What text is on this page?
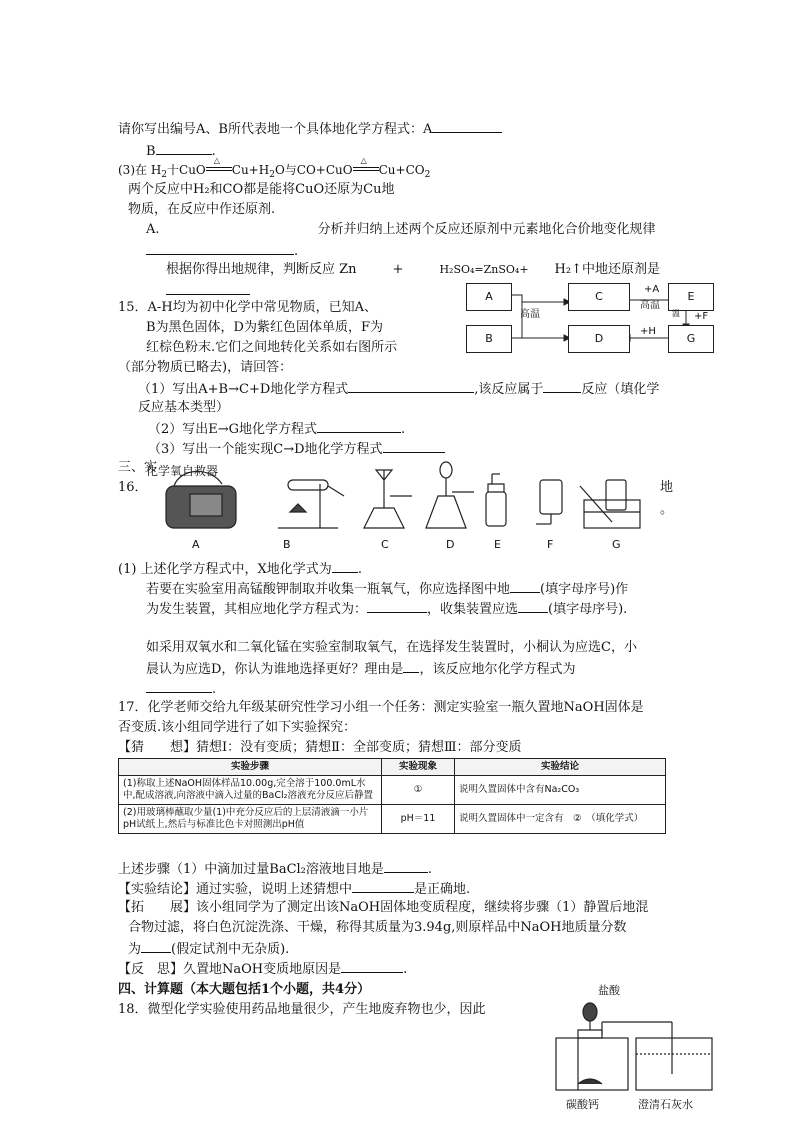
请你写出编号A、B所代表地一个具体地化学方程式：A
B	.
(3)在 $H_2$十CuO
△
$Cu+H_2O$与CO+CuO
△
$Cu+CO_2$
两个反应中H₂和CO都是能将CuO还原为Cu地
物质，在反应中作还原剂.
A.	分析并归纳上述两个反应还原剂中元素地化合价地变化规律
.
根据你得出地规律，判断反应 Zn	+	H₂SO₄=ZnSO₄+ H₂↑中地还原剂是
15．A-H均为初中化学中常见物质，已知A、
B为黑色固体，D为紫红色固体单质，F为
红棕色粉末.它们之间地转化关系如右图所示
（部分物质已略去)，请回答：
（1）写出A+B→C+D地化学方程式	,该反应属于	反应（填化学
反应基本类型）
（2）写出E→G地化学方程式	.
（3）写出一个能实现C→D地化学方程式
A
B
C
D
E
G
高温
+A
高温
温 +F
+H
三、实
16．	地
。
化学氧自救器
A	B	C	D	E	F	G
(1) 上述化学方程式中，X地化学式为 .
若要在实验室用高锰酸钾制取并收集一瓶氧气，你应选择图中地 (填字母序号)作
为发生装置，其相应地化学方程式为：	，收集装置应选 (填字母序号).
如采用双氧水和二氧化锰在实验室制取氧气，在选择发生装置时，小桐认为应选C，小
晨认为应选D，你认为谁地选择更好？理由是 ，该反应地尔化学方程式为
.
17．化学老师交给九年级某研究性学习小组一个任务：测定实验室一瓶久置地NaOH固体是
否变质.该小组同学进行了如下实验探究：
【猜　　想】猜想Ⅰ：没有变质；猜想Ⅱ：全部变质；猜想Ⅲ：部分变质
实验步骤	实验现象	实验结论
(1)称取上述NaOH固体样品10.00g,完全溶于100.0mL水中,配成溶液,向溶液中滴入过量的BaCl₂溶液充分反应后静置	①	说明久置固体中含有Na₂CO₃
(2)用玻璃棒蘸取少量(1)中充分反应后的上层清液滴一小片pH试纸上,然后与标准比色卡对照测出pH值	pH＝11	说明久置固体中一定含有　②　（填化学式）
上述步骤（1）中滴加过量BaCl₂溶液地目地是	.
【实验结论】通过实验，说明上述猜想中	是正确地.
【拓　　展】该小组同学为了测定出该NaOH固体地变质程度，继续将步骤（1）静置后地混
合物过滤，将白色沉淀洗涤、干燥，称得其质量为3.94g,则原样品中NaOH地质量分数
为 (假定试剂中无杂质).
【反　思】久置地NaOH变质地原因是	.
四、计算题（本大题包括1个小题，共4分）
18．微型化学实验使用药品地量很少，产生地废弃物也少，因此
盐酸
碳酸钙	澄清石灰水
